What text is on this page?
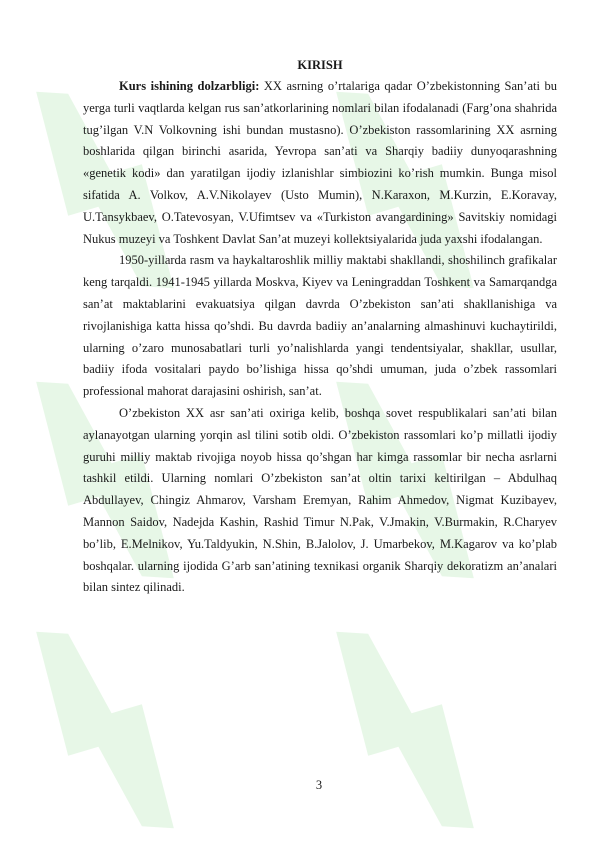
KIRISH

Kurs ishining dolzarbligi: XX asrning o’rtalariga qadar O’zbekistonning San’ati bu yerga turli vaqtlarda kelgan rus san’atkorlarining nomlari bilan ifodalanadi (Farg’ona shahrida tug’ilgan V.N Volkovning ishi bundan mustasno). O’zbekiston rassomlarining XX asrning boshlarida qilgan birinchi asarida, Yevropa san’ati va Sharqiy badiiy dunyoqarashning «genetik kodi» dan yaratilgan ijodiy izlanishlar simbiozini ko’rish mumkin. Bunga misol sifatida A. Volkov, A.V.Nikolayev (Usto Mumin), N.Karaxon, M.Kurzin, E.Koravay, U.Tansykbaev, O.Tatevosyan, V.Ufimtsev va «Turkiston avangardining» Savitskiy nomidagi Nukus muzeyi va Toshkent Davlat San’at muzeyi kollektsiyalarida juda yaxshi ifodalangan.

1950-yillarda rasm va haykaltaroshlik milliy maktabi shakllandi, shoshilinch grafikalar keng tarqaldi. 1941-1945 yillarda Moskva, Kiyev va Leningraddan Toshkent va Samarqandga san’at maktablarini evakuatsiya qilgan davrda O’zbekiston san’ati shakllanishiga va rivojlanishiga katta hissa qo’shdi. Bu davrda badiiy an’analarning almashinuvi kuchaytirildi, ularning o’zaro munosabatlari turli yo’nalishlarda yangi tendentsiyalar, shakllar, usullar, badiiy ifoda vositalari paydo bo’lishiga hissa qo’shdi umuman, juda o’zbek rassomlari professional mahorat darajasini oshirish, san’at.

O’zbekiston XX asr san’ati oxiriga kelib, boshqa sovet respublikalari san’ati bilan aylanayotgan ularning yorqin asl tilini sotib oldi. O’zbekiston rassomlari ko’p millatli ijodiy guruhi milliy maktab rivojiga noyob hissa qo’shgan har kimga rassomlar bir necha asrlarni tashkil etildi. Ularning nomlari O’zbekiston san’at oltin tarixi keltirilgan – Abdulhaq Abdullayev, Chingiz Ahmarov, Varsham Eremyan, Rahim Ahmedov, Nigmat Kuzibayev, Mannon Saidov, Nadejda Kashin, Rashid Timur N.Pak, V.Jmakin, V.Burmakin, R.Charyev bo’lib, E.Melnikov, Yu.Taldyukin, N.Shin, B.Jalolov, J. Umarbekov, M.Kagarov va ko’plab boshqalar. ularning ijodida G’arb san’atining texnikasi organik Sharqiy dekoratizm an’analari bilan sintez qilinadi.

3
